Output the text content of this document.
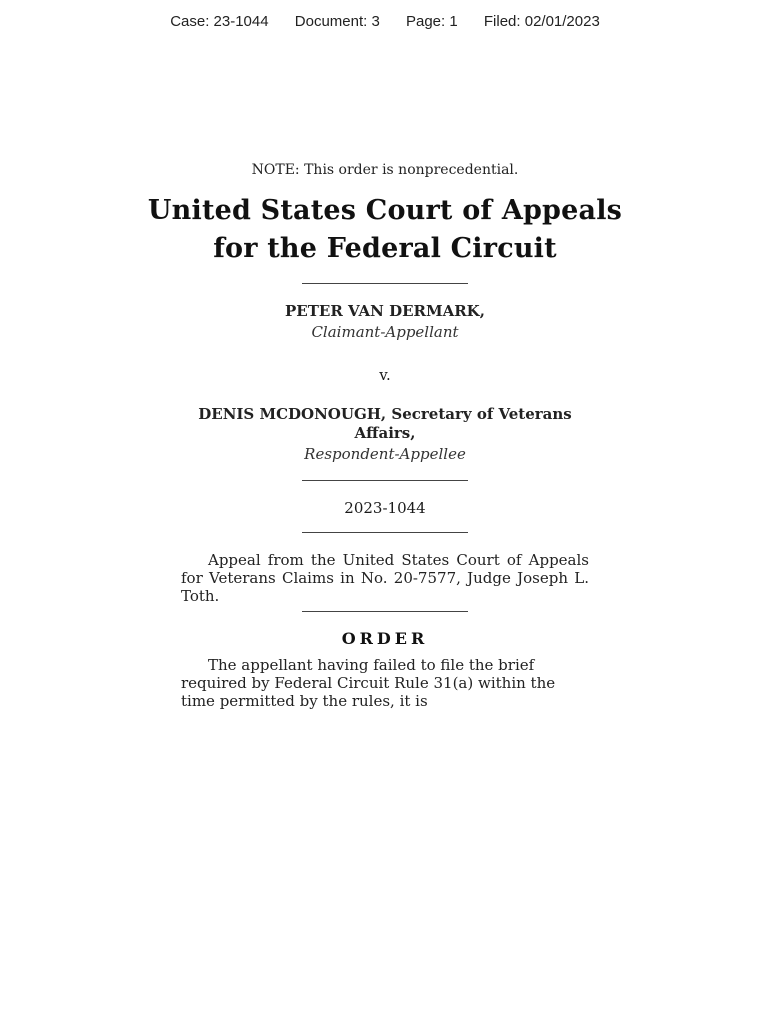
Case: 23-1044 Document: 3 Page: 1 Filed: 02/01/2023
NOTE: This order is nonprecedential.
United States Court of Appeals
for the Federal Circuit
PETER VAN DERMARK,
Claimant-Appellant
v.
DENIS MCDONOUGH, Secretary of Veterans
Affairs,
Respondent-Appellee
2023-1044
Appeal from the United States Court of Appeals for Veterans Claims in No. 20-7577, Judge Joseph L. Toth.
ORDER
The appellant having failed to file the brief required by Federal Circuit Rule 31(a) within the time permitted by the rules, it is
